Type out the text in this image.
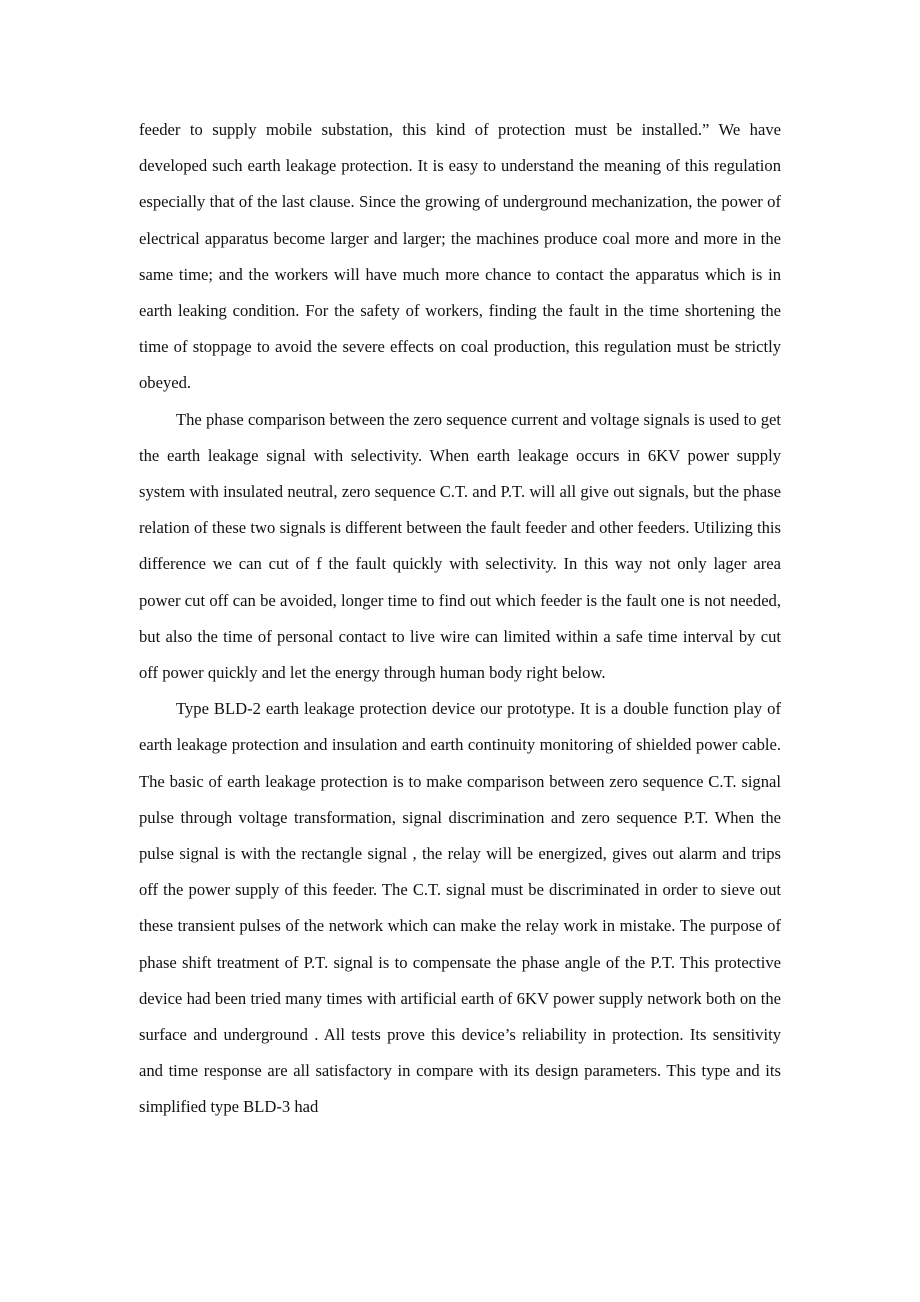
feeder to supply mobile substation, this kind of protection must be installed.” We have developed such earth leakage protection. It is easy to understand the meaning of this regulation especially that of the last clause. Since the growing of underground mechanization, the power of electrical apparatus become larger and larger; the machines produce coal more and more in the same time; and the workers will have much more chance to contact the apparatus which is in earth leaking condition. For the safety of workers, finding the fault in the time shortening the time of stoppage to avoid the severe effects on coal production, this regulation must be strictly obeyed.

The phase comparison between the zero sequence current and voltage signals is used to get the earth leakage signal with selectivity. When earth leakage occurs in 6KV power supply system with insulated neutral, zero sequence C.T. and P.T. will all give out signals, but the phase relation of these two signals is different between the fault feeder and other feeders. Utilizing this difference we can cut of f the fault quickly with selectivity. In this way not only lager area power cut off can be avoided, longer time to find out which feeder is the fault one is not needed, but also the time of personal contact to live wire can limited within a safe time interval by cut off power quickly and let the energy through human body right below.

Type BLD-2 earth leakage protection device our prototype. It is a double function play of earth leakage protection and insulation and earth continuity monitoring of shielded power cable. The basic of earth leakage protection is to make comparison between zero sequence C.T. signal pulse through voltage transformation, signal discrimination and zero sequence P.T. When the pulse signal is with the rectangle signal , the relay will be energized, gives out alarm and trips off the power supply of this feeder. The C.T. signal must be discriminated in order to sieve out these transient pulses of the network which can make the relay work in mistake. The purpose of phase shift treatment of P.T. signal is to compensate the phase angle of the P.T. This protective device had been tried many times with artificial earth of 6KV power supply network both on the surface and underground . All tests prove this device’s reliability in protection. Its sensitivity and time response are all satisfactory in compare with its design parameters. This type and its simplified type BLD-3 had
